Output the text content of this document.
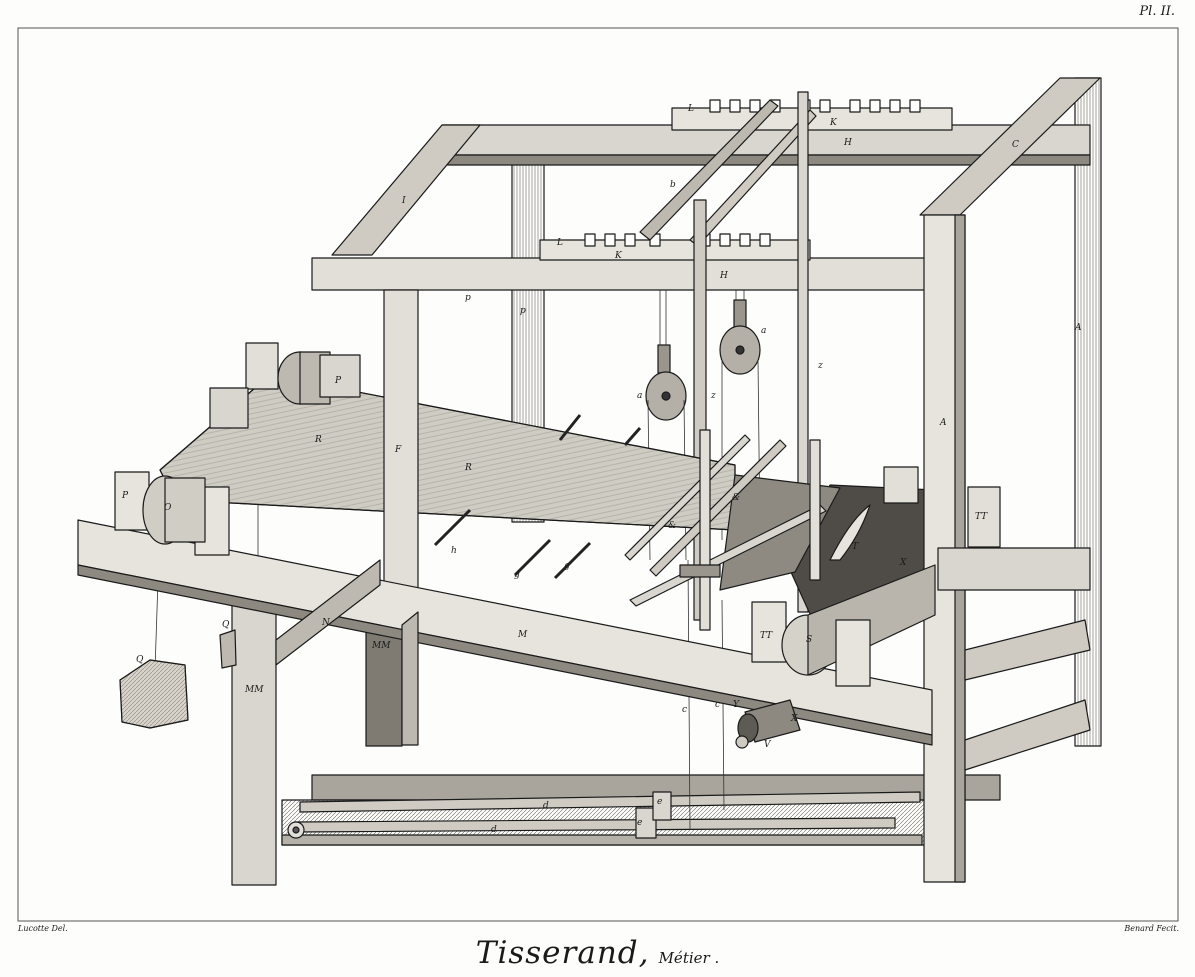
Pl. II.
A
A
C
I
H
H
L
L
K
K
b
p
p
P
P
O
R
R
F
a
a
z
z
&
&
T
X
TT
TT	S
M
N
MM
MM
Q
Q
h
g
g
c	c Y
X
V
d
d
e
e
Lucotte Del.	Benard Fecit.
Tisserand, Métier .
